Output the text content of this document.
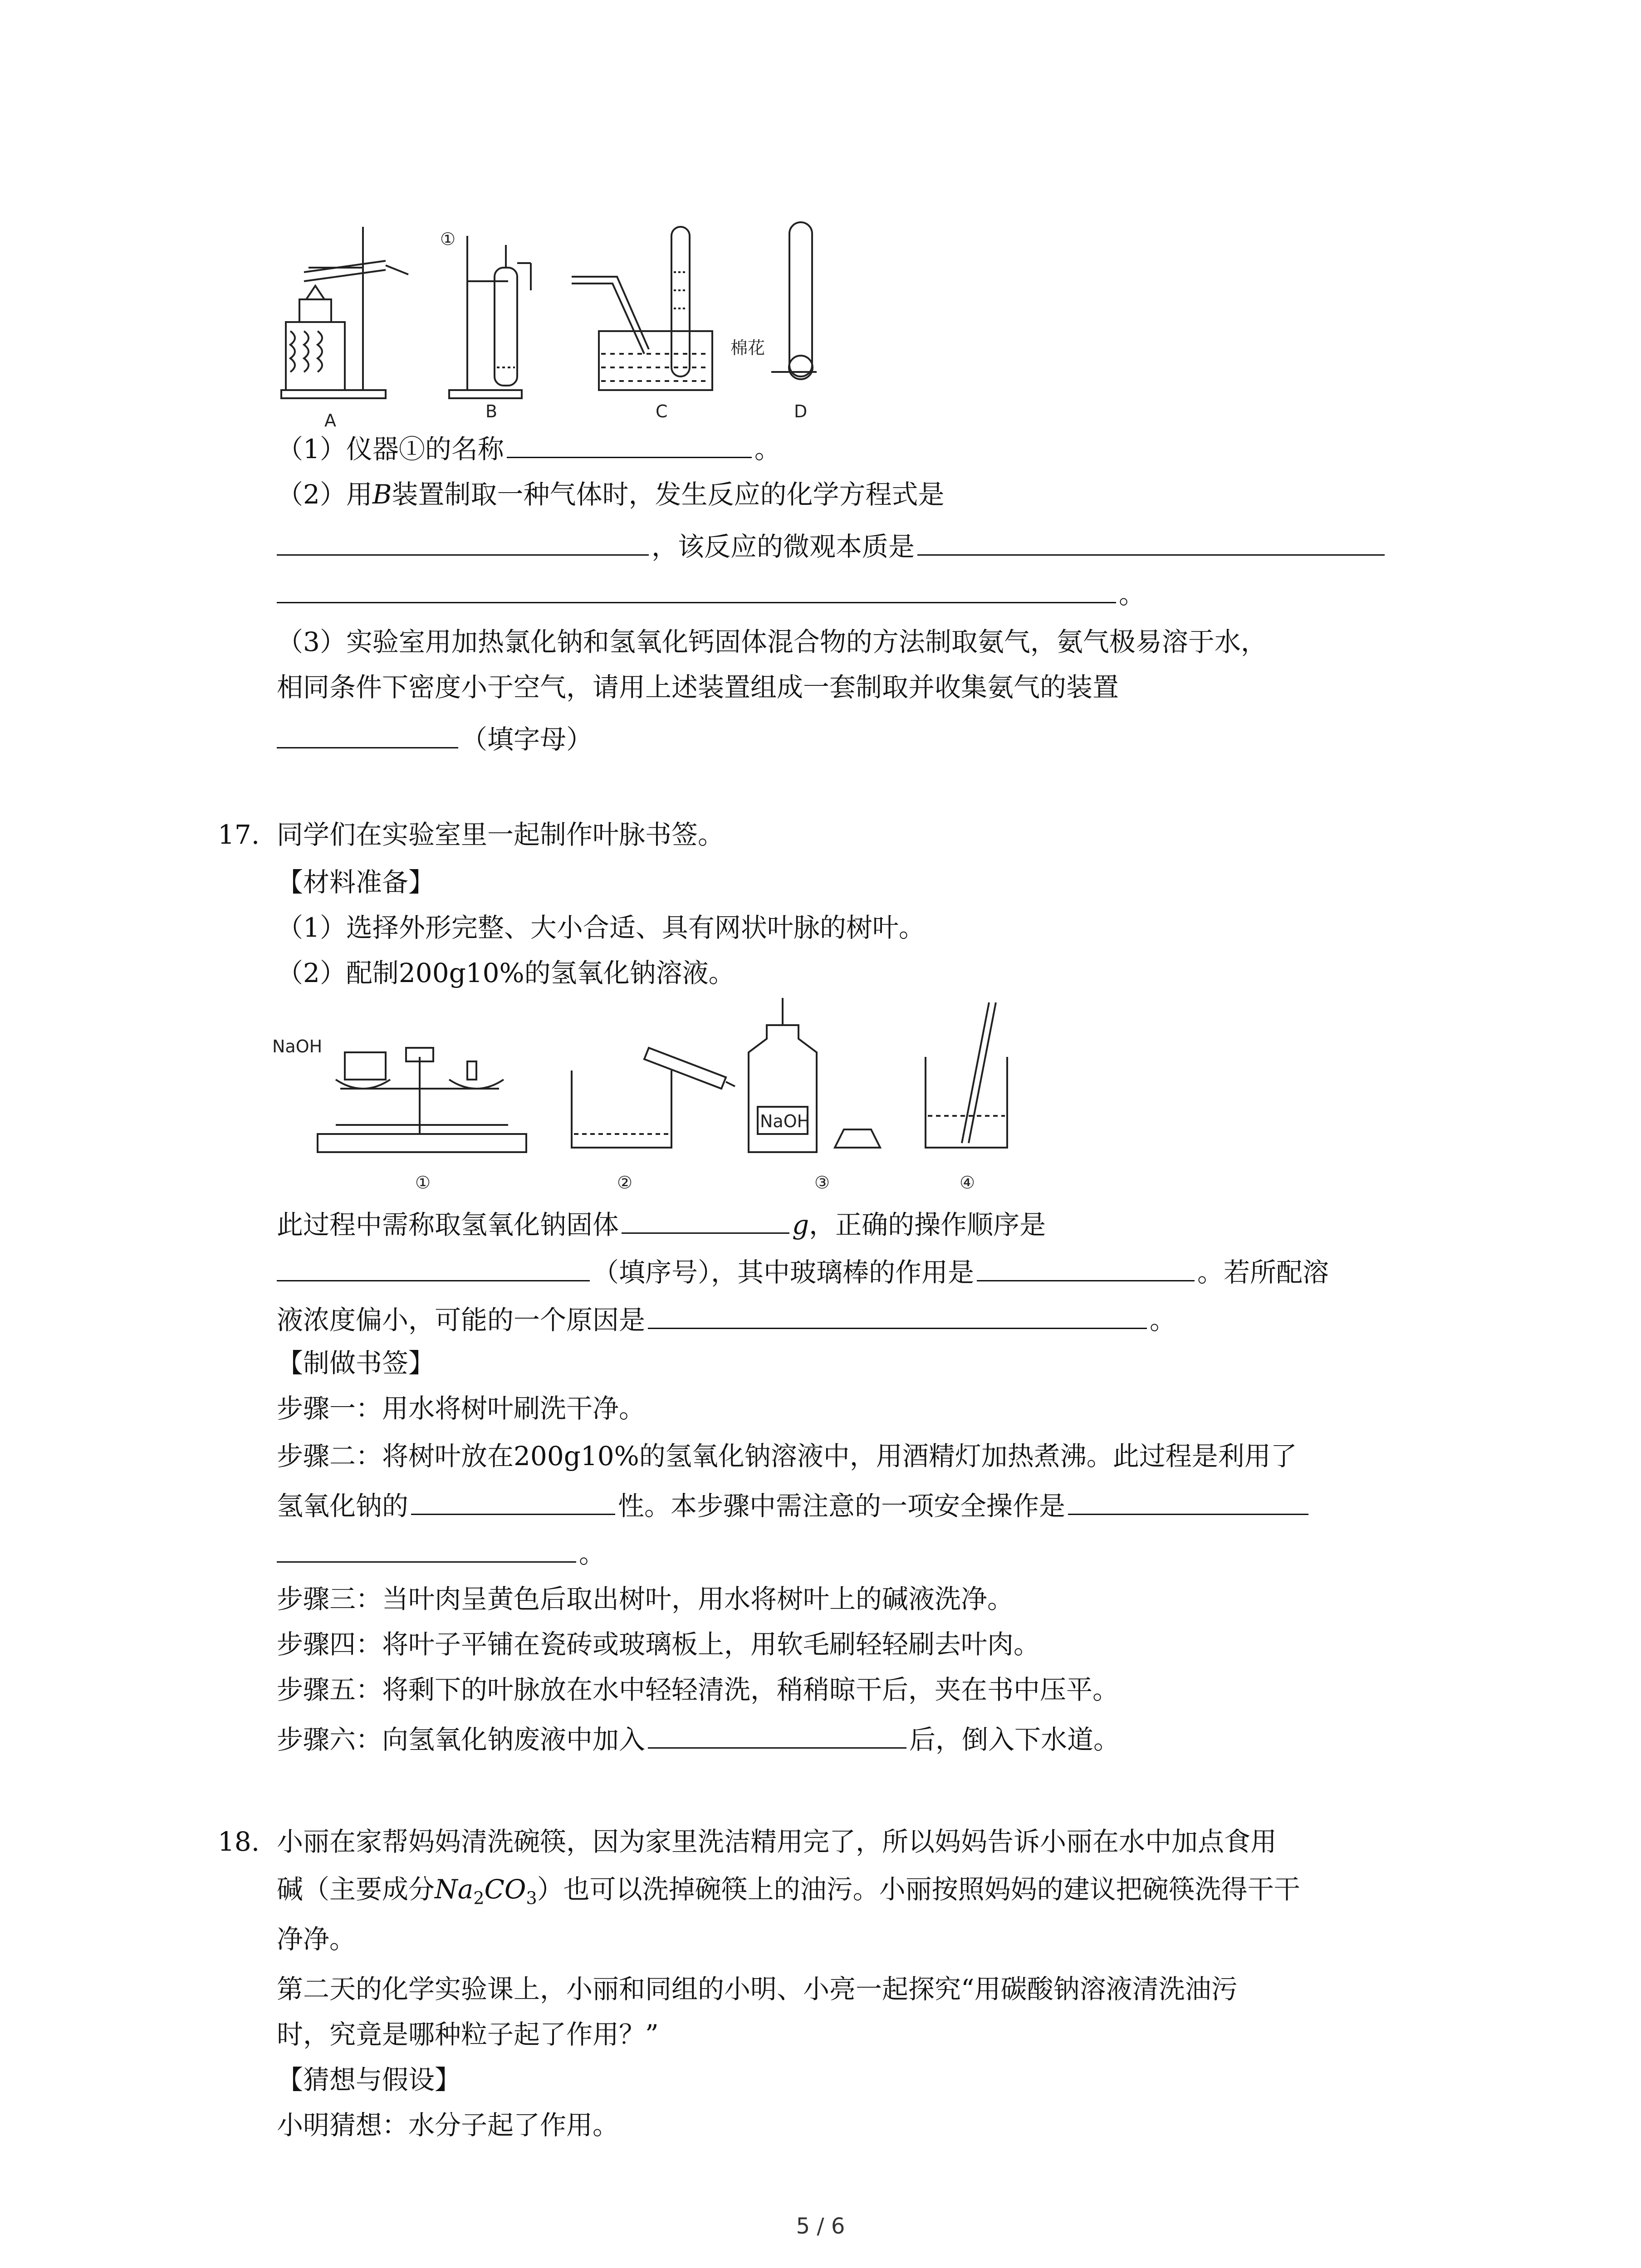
A	B	C	D
①
棉花
（1）仪器①的名称	。
（2）用B装置制取一种气体时，发生反应的化学方程式是
，该反应的微观本质是
。
（3）实验室用加热氯化钠和氢氧化钙固体混合物的方法制取氨气，氨气极易溶于水，
相同条件下密度小于空气，请用上述装置组成一套制取并收集氨气的装置
（填字母）
17. 同学们在实验室里一起制作叶脉书签。
【材料准备】
（1）选择外形完整、大小合适、具有网状叶脉的树叶。
（2）配制200g10%的氢氧化钠溶液。
NaOH
NaOH
①	②	③	④
此过程中需称取氢氧化钠固体	g，正确的操作顺序是
（填序号），其中玻璃棒的作用是	。若所配溶
液浓度偏小，可能的一个原因是	。
【制做书签】
步骤一：用水将树叶刷洗干净。
步骤二：将树叶放在200g10%的氢氧化钠溶液中，用酒精灯加热煮沸。此过程是利用了
氢氧化钠的	性。本步骤中需注意的一项安全操作是
。
步骤三：当叶肉呈黄色后取出树叶，用水将树叶上的碱液洗净。
步骤四：将叶子平铺在瓷砖或玻璃板上，用软毛刷轻轻刷去叶肉。
步骤五：将剩下的叶脉放在水中轻轻清洗，稍稍晾干后，夹在书中压平。
步骤六：向氢氧化钠废液中加入	后，倒入下水道。
18. 小丽在家帮妈妈清洗碗筷，因为家里洗洁精用完了，所以妈妈告诉小丽在水中加点食用
碱（主要成分$Na_2CO_3$）也可以洗掉碗筷上的油污。小丽按照妈妈的建议把碗筷洗得干干
净净。
第二天的化学实验课上，小丽和同组的小明、小亮一起探究“用碳酸钠溶液清洗油污
时，究竟是哪种粒子起了作用？”
【猜想与假设】
小明猜想：水分子起了作用。
5 / 6
